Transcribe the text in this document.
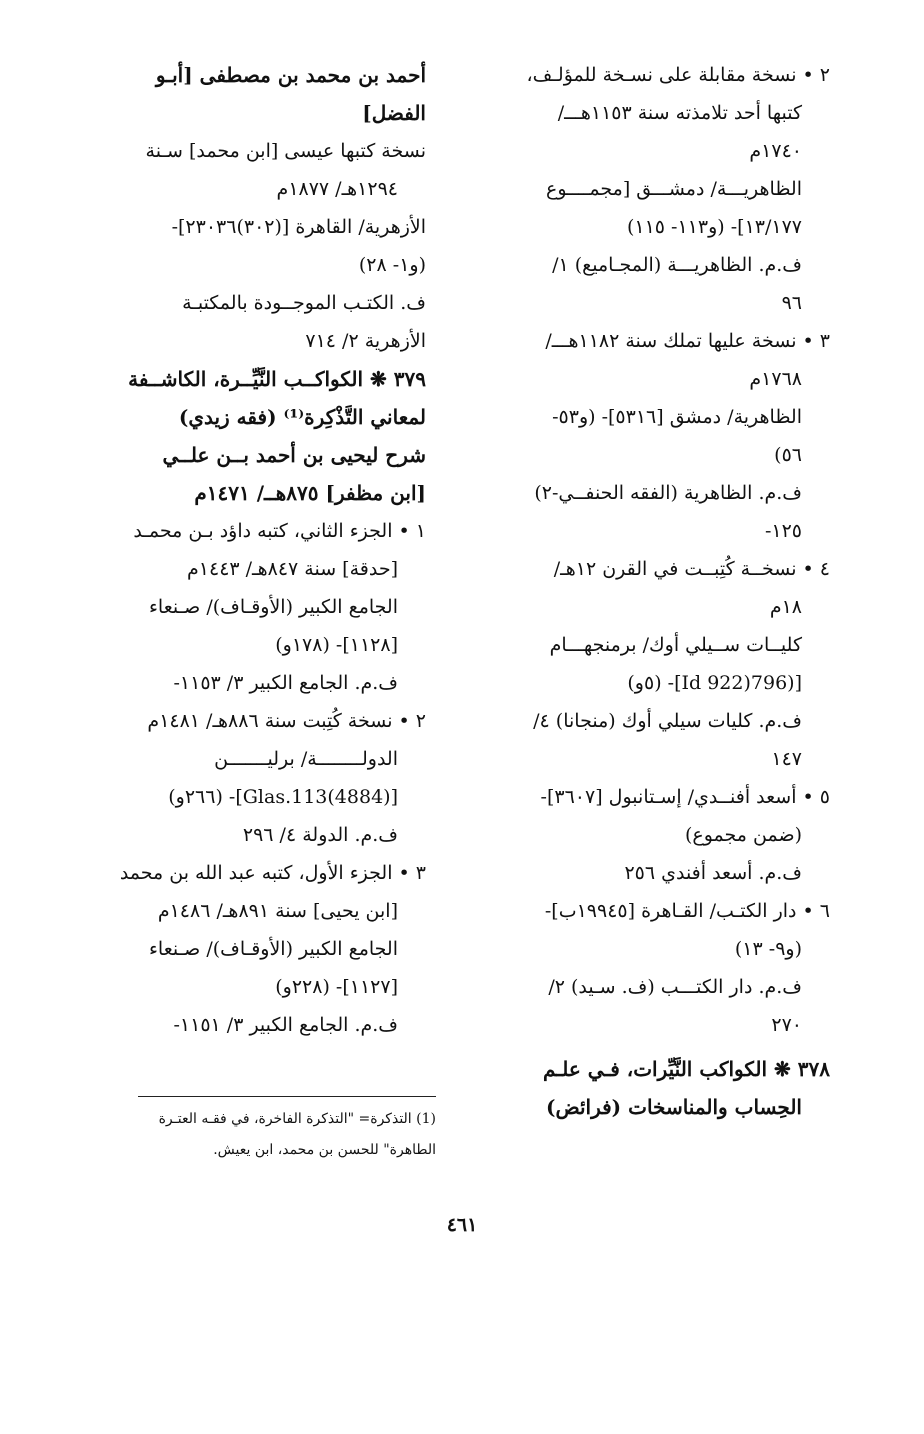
٢ • نسخة مقابلة على نسـخة للمؤلـف،
كتبها أحد تلامذته سنة ١١٥٣هـــ/
١٧٤٠م
الظاهريـــة/ دمشـــق [مجمــــوع
١٣/١٧٧]- (و١١٣- ١١٥)
ف.م. الظاهريـــة (المجـاميع) ١/
٩٦
٣ • نسخة عليها تملك سنة ١١٨٢هـــ/
١٧٦٨م
الظاهرية/ دمشق [٥٣١٦]- (و٥٣-
٥٦)
ف.م. الظاهرية (الفقه الحنفــي-٢)
١٢٥-
٤ • نسخــة كُتِبــت في القرن ١٢هـ/
١٨م
كليــات ســيلي أوك/ برمنجهـــام
[(796(922 Id]- (٥و)
ف.م. كليات سيلي أوك (منجانا) ٤/
١٤٧
٥ • أسعد أفنــدي/ إسـتانبول [٣٦٠٧]-
(ضمن مجموع)
ف.م. أسعد أفندي ٢٥٦
٦ • دار الكتـب/ القـاهرة [١٩٩٤٥ب]-
(و٩- ١٣)
ف.م. دار الكتـــب (ف. سـيد) ٢/
٢٧٠
٣٧٨ ❋ الكواكب النَّيِّرات، فـي علـم
الحِساب والمناسخات (فرائض)
أحمد بن محمد بن مصطفى [أبـو
الفضل]
نسخة كتبها عيسى [ابن محمد] سـنة
١٢٩٤هـ/ ١٨٧٧م
الأزهرية/ القاهرة [(٣٠٢)٢٣٠٣٦]-
(و١- ٢٨)
ف. الكتـب الموجــودة بالمكتبـة
الأزهرية ٢/ ٧١٤
٣٧٩ ❋ الكواكــب النَّيِّــرة، الكاشــفة
لمعاني التَّذْكِرة⁽¹⁾ (فقه زيدي)
شرح ليحيى بن أحمد بــن علــي
[ابن مظفر] ٨٧٥هــ/ ١٤٧١م
١ • الجزء الثاني، كتبه داؤد بـن محمـد
[حدقة] سنة ٨٤٧هـ/ ١٤٤٣م
الجامع الكبير (الأوقـاف)/ صـنعاء
[١١٢٨]- (١٧٨و)
ف.م. الجامع الكبير ٣/ ١١٥٣-
٢ • نسخة كُتِبت سنة ٨٨٦هـ/ ١٤٨١م
الدولــــــــة/ برليـــــــن
[Glas.113(4884)]- (٢٦٦و)
ف.م. الدولة ٤/ ٢٩٦
٣ • الجزء الأول، كتبه عبد الله بن محمد
[ابن يحيى] سنة ٨٩١هـ/ ١٤٨٦م
الجامع الكبير (الأوقـاف)/ صـنعاء
[١١٢٧]- (٢٢٨و)
ف.م. الجامع الكبير ٣/ ١١٥١-
(1) التذكرة= "التذكرة الفاخرة، في فقـه العتـرة
الطاهرة" للحسن بن محمد، ابن يعيش.
٤٦١
